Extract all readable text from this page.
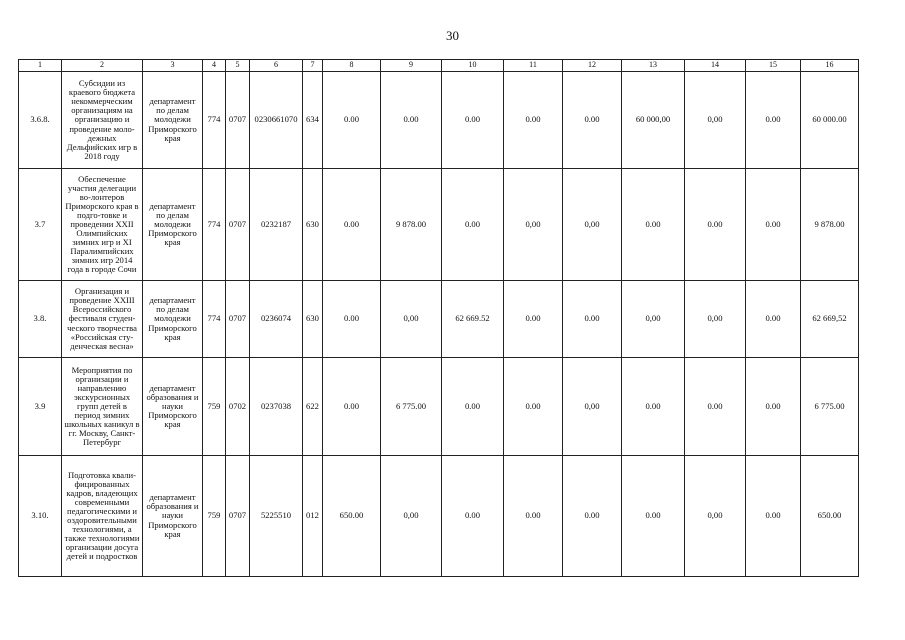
30
1	2	3	4	5	6	7	8	9	10	11	12	13	14	15	16
3.6.8.	Субсидии из краевого бюджета некоммерческим организациям на организацию и проведение моло-дежных Дельфийских игр в 2018 году	департамент по делам молодежи Приморского края	774	0707	0230661070	634	0.00	0.00	0.00	0.00	0.00	60 000,00	0,00	0.00	60 000.00
3.7	Обеспечение участия делегации во-лонтеров Приморского края в подго-товке и проведении XXII Олимпийских зимних игр и XI Паралимпийских зимних игр 2014 года в городе Сочи	департамент по делам молодежи Приморского края	774	0707	0232187	630	0.00	9 878.00	0.00	0,00	0,00	0.00	0.00	0.00	9 878.00
3.8.	Организация и проведение XXIII Всероссийского фестиваля студен-ческого творчества «Российская сту-денческая весна»	департамент по делам молодежи Приморского края	774	0707	0236074	630	0.00	0,00	62 669.52	0.00	0.00	0,00	0,00	0.00	62 669,52
3.9	Мероприятия по организации и направлению экскурсионных групп детей в период зимних школьных каникул в гг. Москву, Санкт-Петербург	департамент образования и науки Приморского края	759	0702	0237038	622	0.00	6 775.00	0.00	0.00	0,00	0.00	0.00	0.00	6 775.00
3.10.	Подготовка квали-фицированных кадров, владеющих современными педагогическими и оздоровительными технологиями, а также технологиями организации досуга детей и подростков	департамент образования и науки Приморского края	759	0707	5225510	012	650.00	0,00	0.00	0.00	0.00	0.00	0,00	0.00	650.00
